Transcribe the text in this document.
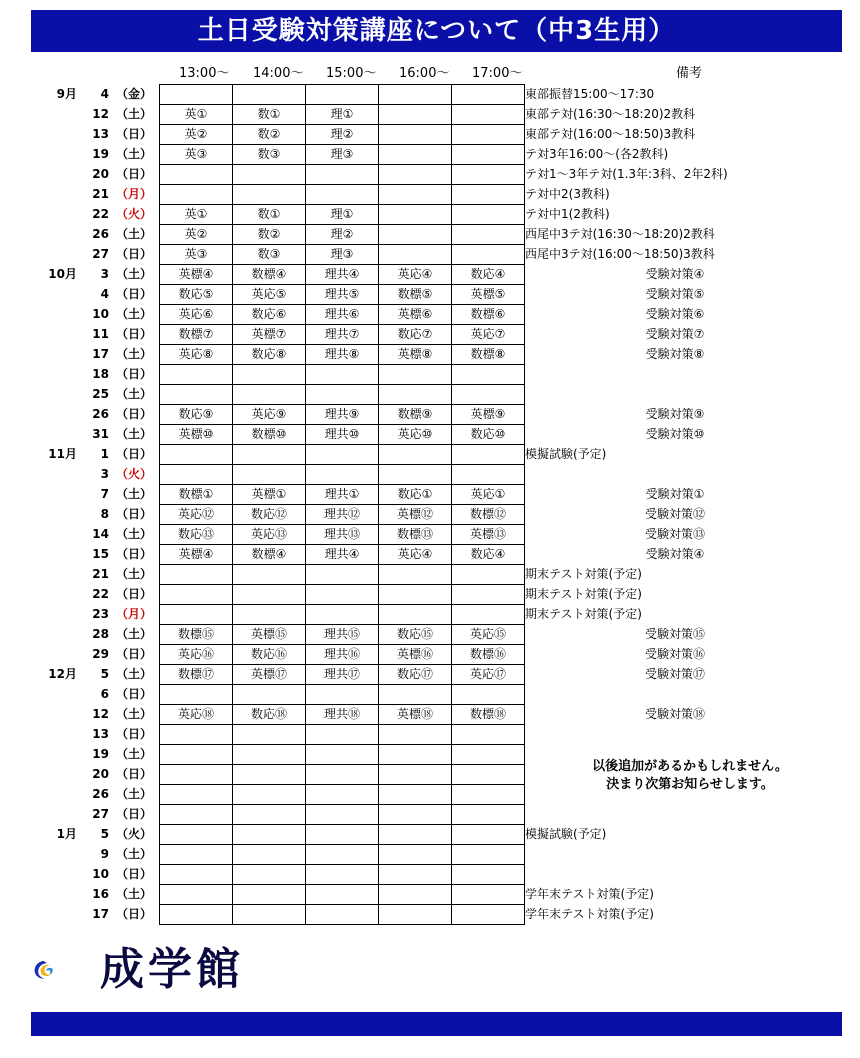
土日受験対策講座について（中3生用）
13:00～ 14:00～ 15:00～ 16:00～ 17:00～	備考
9月	4	（金）						東部振替15:00～17:30
	12	（土）	英①	数①	理①			東部テ対(16:30～18:20)2教科
	13	（日）	英②	数②	理②			東部テ対(16:00～18:50)3教科
	19	（土）	英③	数③	理③			テ対3年16:00～(各2教科)
	20	（日）						テ対1～3年テ対(1.3年:3科、2年2科)
	21	（月）						テ対中2(3教科)
	22	（火）	英①	数①	理①			テ対中1(2教科)
	26	（土）	英②	数②	理②			西尾中3テ対(16:30～18:20)2教科
	27	（日）	英③	数③	理③			西尾中3テ対(16:00～18:50)3教科
10月	3	（土）	英標④	数標④	理共④	英応④	数応④	受験対策④
	4	（日）	数応⑤	英応⑤	理共⑤	数標⑤	英標⑤	受験対策⑤
	10	（土）	英応⑥	数応⑥	理共⑥	英標⑥	数標⑥	受験対策⑥
	11	（日）	数標⑦	英標⑦	理共⑦	数応⑦	英応⑦	受験対策⑦
	17	（土）	英応⑧	数応⑧	理共⑧	英標⑧	数標⑧	受験対策⑧
	18	（日）						
	25	（土）						
	26	（日）	数応⑨	英応⑨	理共⑨	数標⑨	英標⑨	受験対策⑨
	31	（土）	英標⑩	数標⑩	理共⑩	英応⑩	数応⑩	受験対策⑩
11月	1	（日）						模擬試験(予定)
	3	（火）						
	7	（土）	数標①	英標①	理共①	数応①	英応①	受験対策①
	8	（日）	英応⑫	数応⑫	理共⑫	英標⑫	数標⑫	受験対策⑫
	14	（土）	数応⑬	英応⑬	理共⑬	数標⑬	英標⑬	受験対策⑬
	15	（日）	英標④	数標④	理共④	英応④	数応④	受験対策④
	21	（土）						期末テスト対策(予定)
	22	（日）						期末テスト対策(予定)
	23	（月）						期末テスト対策(予定)
	28	（土）	数標⑮	英標⑮	理共⑮	数応⑮	英応⑮	受験対策⑮
	29	（日）	英応⑯	数応⑯	理共⑯	英標⑯	数標⑯	受験対策⑯
12月	5	（土）	数標⑰	英標⑰	理共⑰	数応⑰	英応⑰	受験対策⑰
	6	（日）						
	12	（土）	英応⑱	数応⑱	理共⑱	英標⑱	数標⑱	受験対策⑱
	13	（日）						
	19	（土）						
	20	（日）						
	26	（土）						
	27	（日）						
1月	5	（火）						模擬試験(予定)
	9	（土）						
	10	（日）						
	16	（土）						学年末テスト対策(予定)
	17	（日）						学年末テスト対策(予定)
以後追加があるかもしれません。
決まり次第お知らせします。
成学館
